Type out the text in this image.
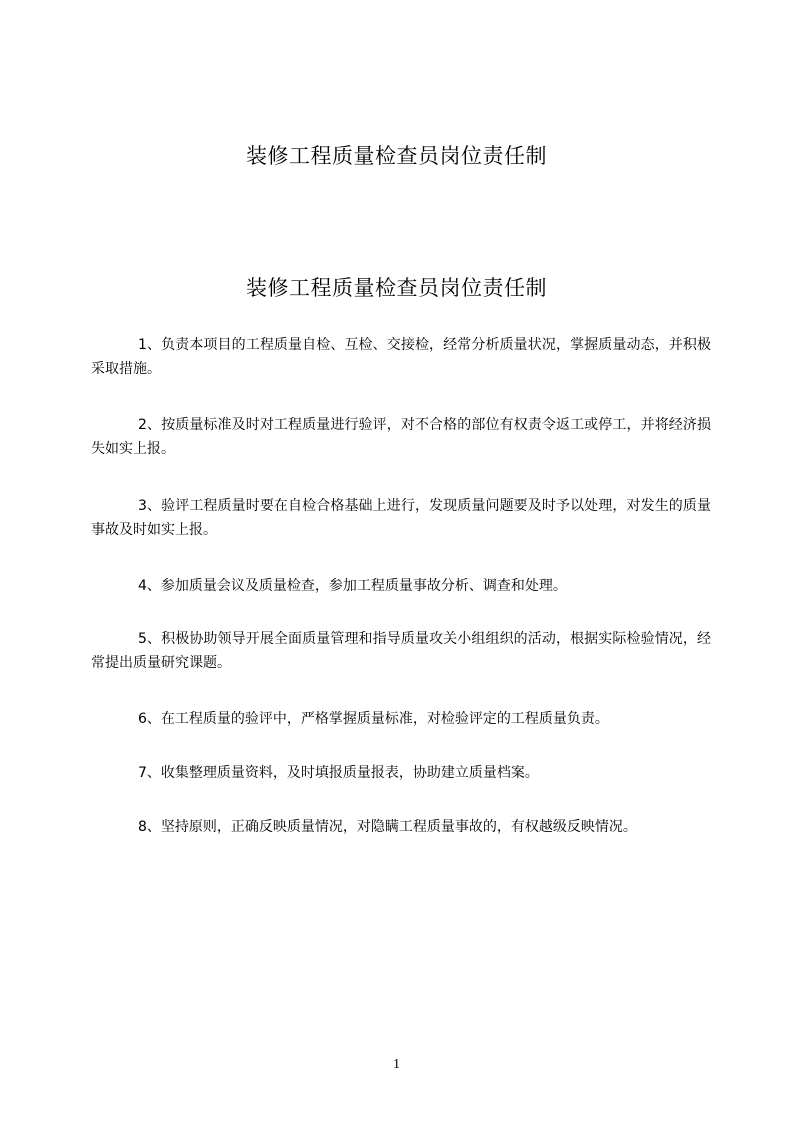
装修工程质量检查员岗位责任制
装修工程质量检查员岗位责任制

1、负责本项目的工程质量自检、互检、交接检，经常分析质量状况，掌握质量动态，并积极采取措施。

2、按质量标准及时对工程质量进行验评，对不合格的部位有权责令返工或停工，并将经济损失如实上报。

3、验评工程质量时要在自检合格基础上进行，发现质量问题要及时予以处理，对发生的质量事故及时如实上报。

4、参加质量会议及质量检查，参加工程质量事故分析、调查和处理。

5、积极协助领导开展全面质量管理和指导质量攻关小组组织的活动，根据实际检验情况，经常提出质量研究课题。

6、在工程质量的验评中，严格掌握质量标准，对检验评定的工程质量负责。

7、收集整理质量资料，及时填报质量报表，协助建立质量档案。

8、坚持原则，正确反映质量情况，对隐瞒工程质量事故的，有权越级反映情况。

1
